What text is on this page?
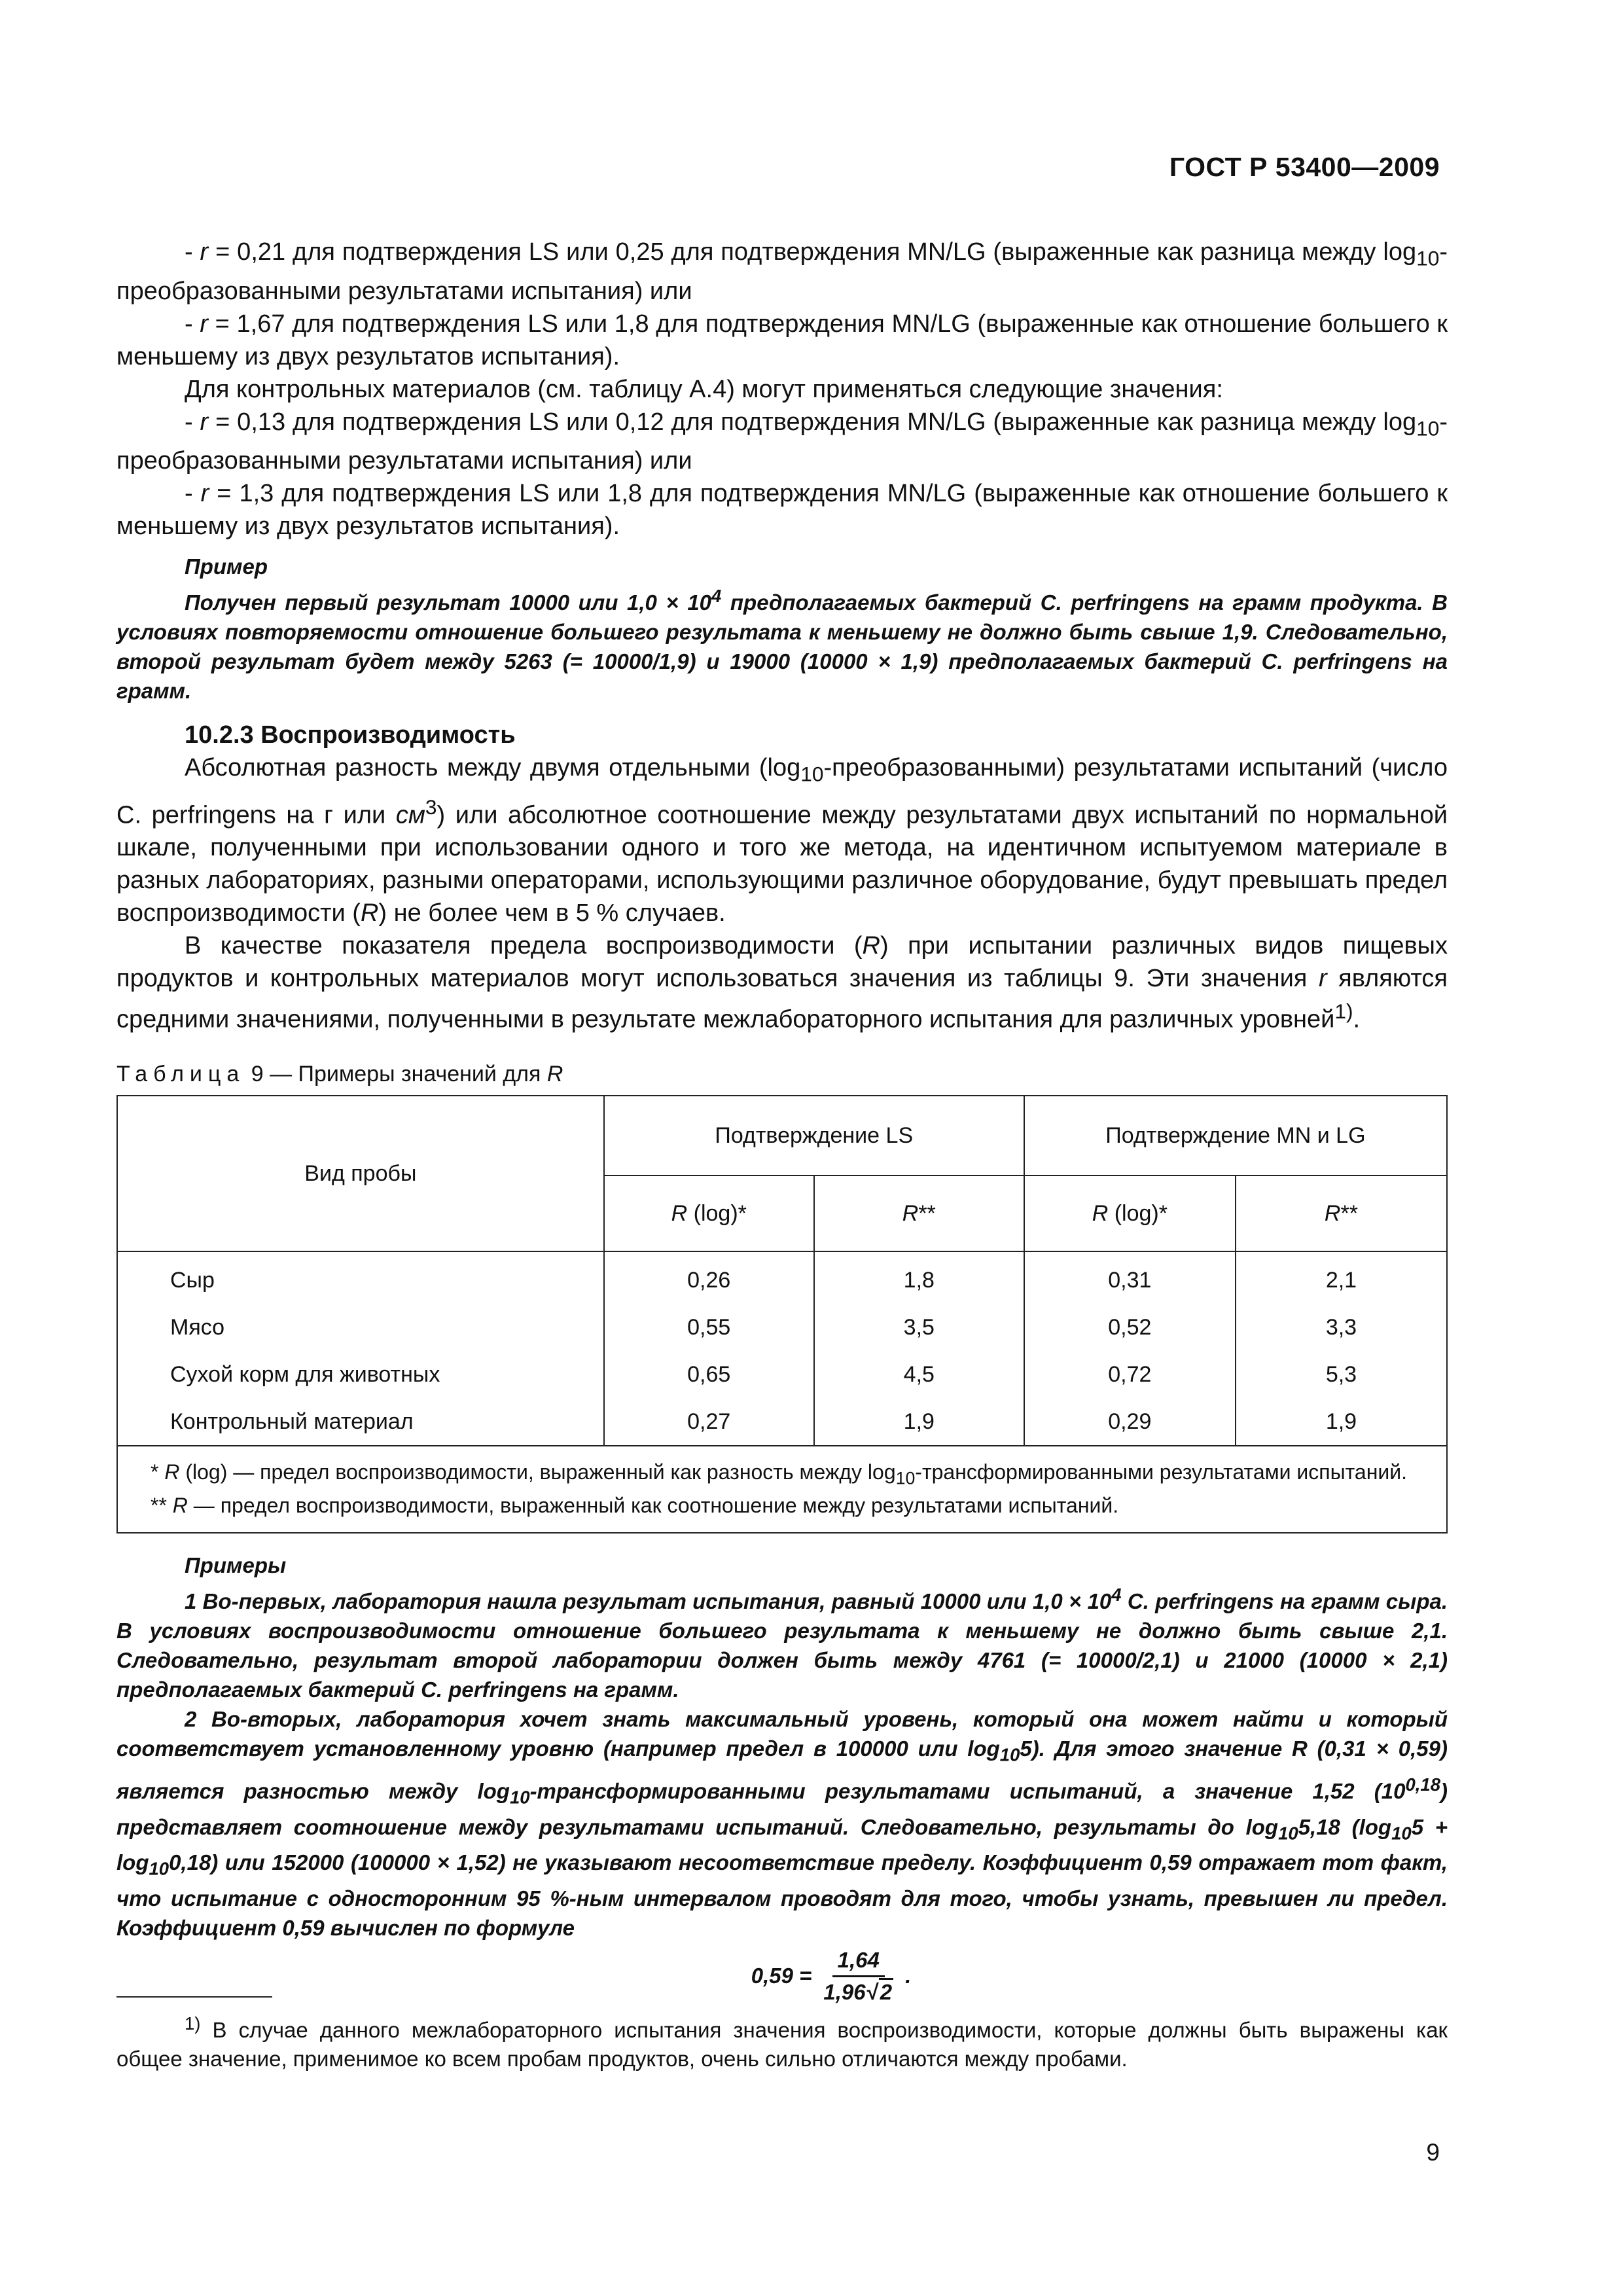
ГОСТ Р 53400—2009

- r = 0,21 для подтверждения LS или 0,25 для подтверждения MN/LG (выраженные как разница между $\log_{10}$-преобразованными результатами испытания) или

- r = 1,67 для подтверждения LS или 1,8 для подтверждения MN/LG (выраженные как отношение большего к меньшему из двух результатов испытания).

Для контрольных материалов (см. таблицу А.4) могут применяться следующие значения:

- r = 0,13 для подтверждения LS или 0,12 для подтверждения MN/LG (выраженные как разница между $\log_{10}$-преобразованными результатами испытания) или

- r = 1,3 для подтверждения LS или 1,8 для подтверждения MN/LG (выраженные как отношение большего к меньшему из двух результатов испытания).

Пример

Получен первый результат 10000 или $1,0 \times 10^4$ предполагаемых бактерий C. perfringens на грамм продукта. В условиях повторяемости отношение большего результата к меньшему не должно быть свыше 1,9. Следовательно, второй результат будет между 5263 (= 10000/1,9) и 19000 (10000 × 1,9) предполагаемых бактерий C. perfringens на грамм.

10.2.3 Воспроизводимость

Абсолютная разность между двумя отдельными $(\log_{10}-преобразованными)$ результатами испытаний (число C. perfringens на г или $см^3$) или абсолютное соотношение между результатами двух испытаний по нормальной шкале, полученными при использовании одного и того же метода, на идентичном испытуемом материале в разных лабораториях, разными операторами, использующими различное оборудование, будут превышать предел воспроизводимости (R) не более чем в 5 % случаев.

В качестве показателя предела воспроизводимости (R) при испытании различных видов пищевых продуктов и контрольных материалов могут использоваться значения из таблицы 9. Эти значения r являются средними значениями, полученными в результате межлабораторного испытания для различных уровней$^{1)}$.

Таблица 9 — Примеры значений для R

Вид пробы	Подтверждение LS		Подтверждение MN и LG	
	R (log)*	R**	R (log)*	R**
Сыр	0,26	1,8	0,31	2,1
Мясо	0,55	3,5	0,52	3,3
Сухой корм для животных	0,65	4,5	0,72	5,3
Контрольный материал	0,27	1,9	0,29	1,9

* R (log) — предел воспроизводимости, выраженный как разность между $\log_{10}$-трансформированными результатами испытаний.

** R — предел воспроизводимости, выраженный как соотношение между результатами испытаний.				

Примеры

1 Во-первых, лаборатория нашла результат испытания, равный 10000 или $1,0 \times 10^4$ C. perfringens на грамм сыра. В условиях воспроизводимости отношение большего результата к меньшему не должно быть свыше 2,1. Следовательно, результат второй лаборатории должен быть между 4761 (= 10000/2,1) и 21000 (10000 × 2,1) предполагаемых бактерий C. perfringens на грамм.

2 Во-вторых, лаборатория хочет знать максимальный уровень, который она может найти и который соответствует установленному уровню (например предел в 100000 или $\log_{10}5$). Для этого значение R (0,31 × 0,59) является разностью между $\log_{10}$-трансформированными результатами испытаний, а значение 1,52 (10$^{0,18}$) представляет соотношение между результатами испытаний. Следовательно, результаты до $\log_{10}5,18$ $(\log_{10}5 + \log_{10}0,18)$ или 152000 (100000 × 1,52) не указывают несоответствие пределу. Коэффициент 0,59 отражает тот факт, что испытание с односторонним 95 %-ным интервалом проводят для того, чтобы узнать, превышен ли предел. Коэффициент 0,59 вычислен по формуле

$0,59 = \frac{1,64}{1,96√ 2}$ .

$^{1)}$ В случае данного межлабораторного испытания значения воспроизводимости, которые должны быть выражены как общее значение, применимое ко всем пробам продуктов, очень сильно отличаются между пробами.

9
